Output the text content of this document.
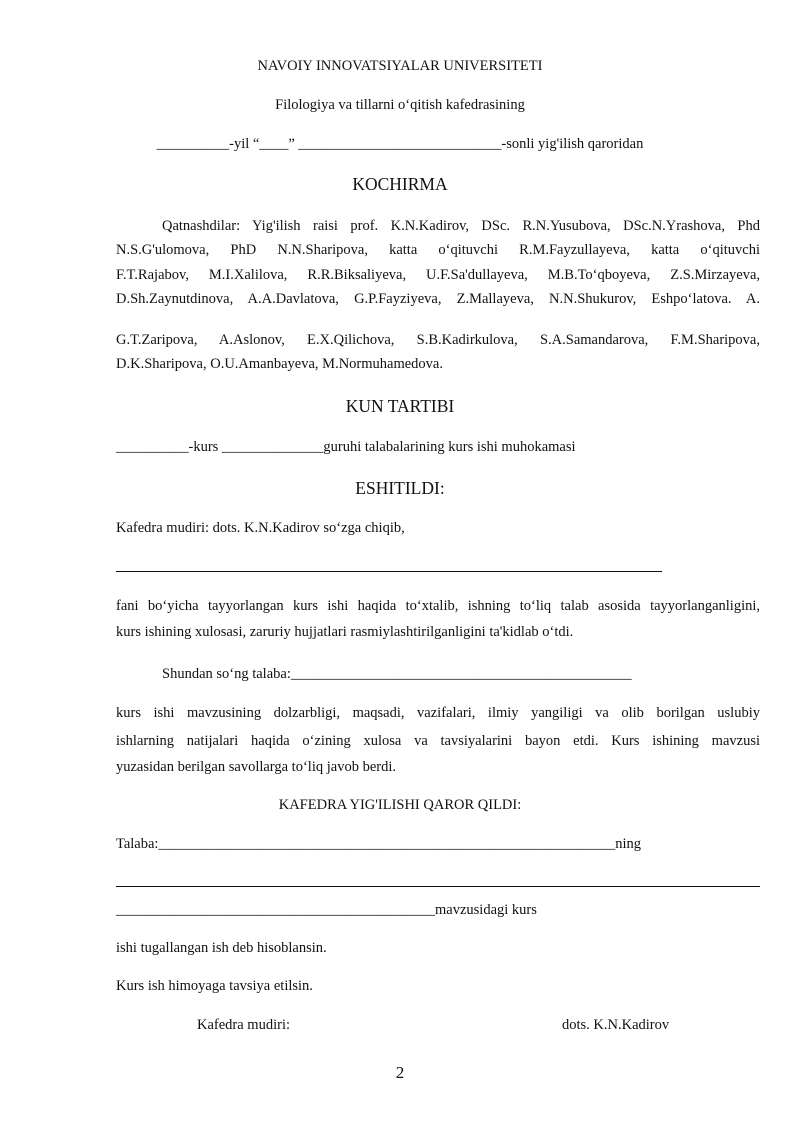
NAVOIY INNOVATSIYALAR UNIVERSITETI
Filologiya va tillarni oʻqitish kafedrasining
__________-yil “____” ____________________________-sonli yig'ilish qaroridan
KOCHIRMA
Qatnashdilar: Yig'ilish raisi prof. K.N.Kadirov, DSc. R.N.Yusubova, DSc.N.Yrashova, Phd
N.S.G'ulomova, PhD N.N.Sharipova, katta oʻqituvchi R.M.Fayzullayeva, katta oʻqituvchi
F.T.Rajabov, M.I.Xalilova, R.R.Biksaliyeva, U.F.Sa'dullayeva, M.B.Toʻqboyeva, Z.S.Mirzayeva,
D.Sh.Zaynutdinova, A.A.Davlatova, G.P.Fayziyeva, Z.Mallayeva, N.N.Shukurov, Eshpoʻlatova. A.
G.T.Zaripova, A.Aslonov, E.X.Qilichova, S.B.Kadirkulova, S.A.Samandarova, F.M.Sharipova,
D.K.Sharipova, O.U.Amanbayeva, M.Normuhamedova.
KUN TARTIBI
__________-kurs ______________guruhi talabalarining kurs ishi muhokamasi
ESHITILDI:
Kafedra mudiri: dots. K.N.Kadirov soʻzga chiqib,
fani boʻyicha tayyorlangan kurs ishi haqida toʻxtalib, ishning toʻliq talab asosida tayyorlanganligini,
kurs ishining xulosasi, zaruriy hujjatlari rasmiylashtirilganligini ta'kidlab oʻtdi.
Shundan soʻng talaba:_______________________________________________
kurs ishi mavzusining dolzarbligi, maqsadi, vazifalari, ilmiy yangiligi va olib borilgan uslubiy
ishlarning natijalari haqida oʻzining xulosa va tavsiyalarini bayon etdi. Kurs ishining mavzusi
yuzasidan berilgan savollarga toʻliq javob berdi.
KAFEDRA YIG'ILISHI QAROR QILDI:
Talaba:_______________________________________________________________ning
____________________________________________mavzusidagi kurs
ishi tugallangan ish deb hisoblansin.
Kurs ish himoyaga tavsiya etilsin.
Kafedra mudiri:	dots. K.N.Kadirov
2
